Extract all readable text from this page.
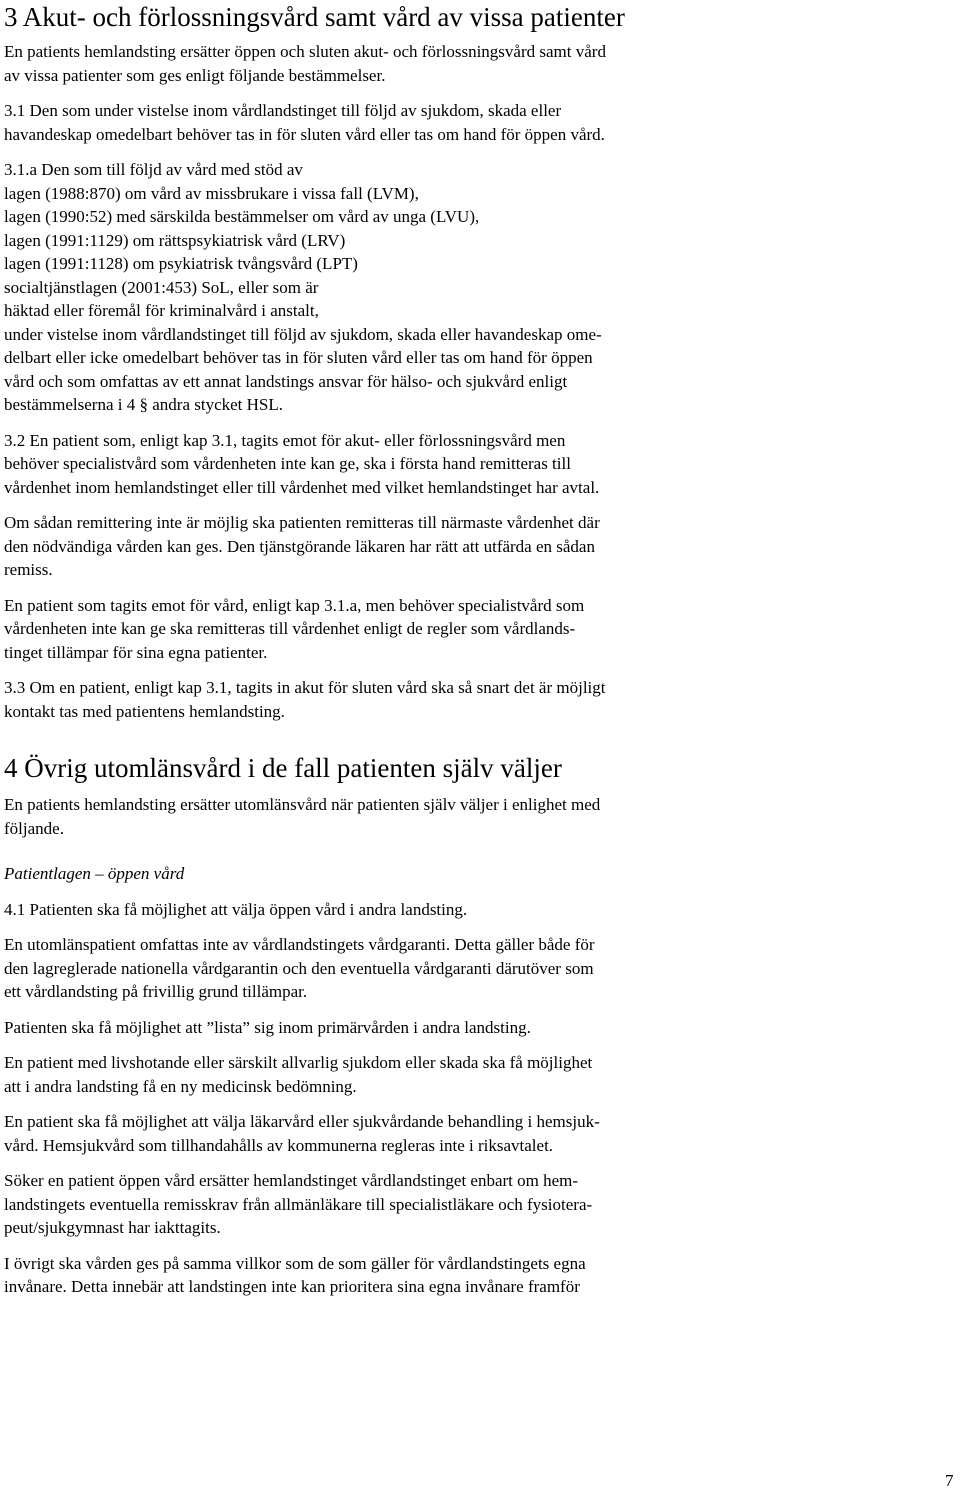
3 Akut- och förlossningsvård samt vård av vissa patienter

En patients hemlandsting ersätter öppen och sluten akut- och förlossningsvård samt vård
av vissa patienter som ges enligt följande bestämmelser.

3.1 Den som under vistelse inom vårdlandstinget till följd av sjukdom, skada eller
havandeskap omedelbart behöver tas in för sluten vård eller tas om hand för öppen vård.

3.1.a Den som till följd av vård med stöd av
lagen (1988:870) om vård av missbrukare i vissa fall (LVM),
lagen (1990:52) med särskilda bestämmelser om vård av unga (LVU),
lagen (1991:1129) om rättspsykiatrisk vård (LRV)
lagen (1991:1128) om psykiatrisk tvångsvård (LPT)
socialtjänstlagen (2001:453) SoL, eller som är
häktad eller föremål för kriminalvård i anstalt,
under vistelse inom vårdlandstinget till följd av sjukdom, skada eller havandeskap ome-
delbart eller icke omedelbart behöver tas in för sluten vård eller tas om hand för öppen
vård och som omfattas av ett annat landstings ansvar för hälso- och sjukvård enligt
bestämmelserna i 4 § andra stycket HSL.

3.2 En patient som, enligt kap 3.1, tagits emot för akut- eller förlossningsvård men
behöver specialistvård som vårdenheten inte kan ge, ska i första hand remitteras till
vårdenhet inom hemlandstinget eller till vårdenhet med vilket hemlandstinget har avtal.

Om sådan remittering inte är möjlig ska patienten remitteras till närmaste vårdenhet där
den nödvändiga vården kan ges. Den tjänstgörande läkaren har rätt att utfärda en sådan
remiss.

En patient som tagits emot för vård, enligt kap 3.1.a, men behöver specialistvård som
vårdenheten inte kan ge ska remitteras till vårdenhet enligt de regler som vårdlands-
tinget tillämpar för sina egna patienter.

3.3 Om en patient, enligt kap 3.1, tagits in akut för sluten vård ska så snart det är möjligt
kontakt tas med patientens hemlandsting.

4 Övrig utomlänsvård i de fall patienten själv väljer

En patients hemlandsting ersätter utomlänsvård när patienten själv väljer i enlighet med
följande.

Patientlagen – öppen vård

4.1 Patienten ska få möjlighet att välja öppen vård i andra landsting.

En utomlänspatient omfattas inte av vårdlandstingets vårdgaranti. Detta gäller både för
den lagreglerade nationella vårdgarantin och den eventuella vårdgaranti därutöver som
ett vårdlandsting på frivillig grund tillämpar.

Patienten ska få möjlighet att ”lista” sig inom primärvården i andra landsting.

En patient med livshotande eller särskilt allvarlig sjukdom eller skada ska få möjlighet
att i andra landsting få en ny medicinsk bedömning.

En patient ska få möjlighet att välja läkarvård eller sjukvårdande behandling i hemsjuk-
vård. Hemsjukvård som tillhandahålls av kommunerna regleras inte i riksavtalet.

Söker en patient öppen vård ersätter hemlandstinget vårdlandstinget enbart om hem-
landstingets eventuella remisskrav från allmänläkare till specialistläkare och fysiotera-
peut/sjukgymnast har iakttagits.

I övrigt ska vården ges på samma villkor som de som gäller för vårdlandstingets egna
invånare. Detta innebär att landstingen inte kan prioritera sina egna invånare framför

7
